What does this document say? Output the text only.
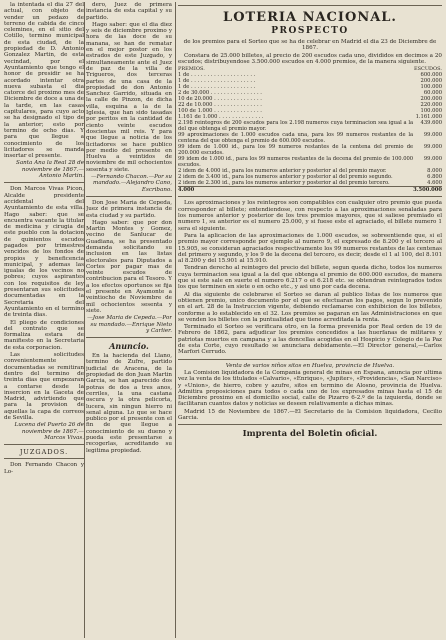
la intentada el dia 27 del actual, con objeto de vender un pedazo de terreno de cabida de cinco celemines, en el sitio del Cotillo, termino municipal de esta ciudad, de la propiedad de D. Antonio Gonzalez Martin, de esta vecindad, por el Ayuntamiento que tengo el honor de presidir se ha acordado intentar otra nueva subasta el dia catorce del proximo mes de Diciembre de doce a una de la tarde, en las casas capitulares, para cuyo acto se ha designado el tipo de la anterior; esto por termino de ocho dias. Y para que llegue a conocimiento de los licitadores se manda insertar el presente.

Santa Ana la Real 28 de noviembre de 1867.—Antonio Martin.

Don Marcos Vivas Picon, Alcalde presidente accidental del Ayuntamiento de esta villa. Hago saber: que se encuentra vacante la titular de medicina y cirugia de este pueblo con la dotacion de quinientos escudos pagados por trimestres vencidos de los fondos de propios y beneficencia municipal, y ademas las igualas de los vecinos no pobres; cuyos aspirantes con los requisitos de ley presentaran sus solicitudes documentadas en la Secretaria del Ayuntamiento en el termino de treinta dias.

El pliego de condiciones del contrato que se formaliza estara de manifiesto en la Secretaria de esta corporacion.

Las solicitudes convenientemente documentadas se remitiran dentro del termino de treinta dias que empezaran a contarse desde la insercion en la Gaceta de Madrid, advirtiendo que para la provision de aquellas la capa de correos de Sevilla.

Lucena del Puerto 26 de noviembre de 1867.—Marcos Vivas.

JUZGADOS.

Don Fernando Chacon y Lo-

dero, Juez de primera instancia de esta capital y su partido.

Hago saber: que el dia diez y seis de diciembre proximo y hora de las doce de su manana, se han de rematar en el mejor postor en los estrados de este Juzgado, y simultaneamente ante el Juez de paz de la villa de Trigueros, dos terceras partes de una casa de la propiedad de don Antonio Sanchez Garrido, situada en la calle de Pinzon, de dicha villa, esquina a la de la Iglesia, que han sido tasadas por peritos en la cantidad de ciento veinte escudos doscientas mil reis. Y para que llegue a noticia de los licitadores se hace publico por medio del presente en Huelva a veintidos de noviembre de mil ochocientos sesenta y siete.

—Fernando Chacon.—Por su mandado.—Alejandro Cano, Escribano.

Don Jose Maria de Cepeda, Juez de primera instancia de esta ciudad y su partido.

Hago saber: que por don Martin Montes y Gomez, vecino de Sanlucar de Guadiana, se ha presentado demanda solicitando su inclusion en las listas electorales para Diputados a Cortes por pagar mas de veinte escudos de contribucion para el Tesoro. Y a los efectos oportunos se fija el presente en Ayamonte a veintiocho de Noviembre de mil ochocientos sesenta y siete.

—Jose Maria de Cepeda.—Por su mandado.—Enrique Nieto y Carlier.

Anuncio.

En la hacienda del Llano, termino de Zufre, partido judicial de Aracena, de la propiedad de don Juan Martin Garcia, se han aparecido dos potras de dos a tres anos, cerriles, la una castana oscura y la otra pelicorta, lucera, sin ningun hierro ni senal alguna. Lo que se hace publico por el presente con el fin de que llegue a conocimiento de su dueno y pueda este presentarse a recogerlas, acreditando su legitima propiedad.

LOTERIA NACIONAL.
PROSPECTO

de los premios para el Sorteo que se ha de celebrar en Madrid el dia 23 de Diciembre de 1867.

Constara de 25.000 billetes, al precio de 200 escudos cada uno, divididos en decimos a 20 escudos; distribuyendose 3.500.000 escudos en 4.000 premios, de la manera siguiente.

PREMIOS.	ESCUDOS.
1 de . . . . . . . . . . . . . . . . . . . .	600.000
1 de . . . . . . . . . . . . . . . . . . . .	200.000
1 de . . . . . . . . . . . . . . . . . . . .	100.000
2 de 30.000 . . . . . . . . . . . . . . . .	60.000
10 de 20.000 . . . . . . . . . . . . . . .	200.000
22 de 10.000 . . . . . . . . . . . . . . .	220.000
100 de 1.000 . . . . . . . . . . . . . . .	100.000
1.161 de 1.000 . . . . . . . . . . . . . .	1.161.000
2.198 reintegros de 200 escudos para los 2.198 numeros cuya terminacion sea igual a la del que obtenga el premio mayor.	439.600
99 aproximaciones de 1.000 escudos cada una, para los 99 numeros restantes de la centena del que obtenga el premio de 600.000 escudos.	99.000
99 idem de 1.000 id., para los 99 numeros restantes de la centena del premio de 200.000 escudos.	99.000
99 idem de 1.000 id., para los 99 numeros restantes de la decena del premio de 100.000 escudos.	99.000
2 idem de 4.000 id., para los numeros anterior y posterior al del premio mayor.	8.000
2 idem de 3.400 id., para los numeros anterior y posterior al del premio segundo.	6.800
2 idem de 2.300 id., para los numeros anterior y posterior al del premio tercero.	4.600
4.000	3.500.000

Los aproximaciones y los reintegros son compatibles con cualquier otro premio que pueda corresponder al billete; entendiendose, con respecto a las aproximaciones senaladas para los numeros anterior y posterior de los tres premios mayores, que si saliese premiado el numero 1, su anterior es el numero 25.000, y si fuese este el agraciado, el billete numero 1 sera el siguiente.

Para la aplicacion de las aproximaciones de 1.000 escudos, se sobreentiende que, si el premio mayor corresponde por ejemplo al numero 9, el expresado de 8.200 y el tercero al 15.905, se consideran agraciados respectivamente los 99 numeros restantes de las centenas del primero y segundo, y los 9 de la decena del tercero, es decir, desde el 1 al 100, del 8.101 al 8.200 y del 15.901 al 15.910.

Tendran derecho al reintegro del precio del billete, segun queda dicho, todos los numeros cuya terminacion sea igual a la del que obtenga el premio de 600.000 escudos, de manera que si este sale en suerte el numero 6.217 o el 6.218 etc. se obtendran reintegrados todos los que terminen en siete o en ocho etc., y asi uno por cada decena.

Al dia siguiente de celebrarse el Sorteo se daran al publico listas de los numeros que obtienen premio, unico documento por el que se efectuaran los pagos, segun lo prevenido en el art. 28 de la Instruccion vigente, debiendo reclamarse con exhibicion de los billetes, conforme a lo establecido en el 32. Los premios se pagaran en las Administraciones en que se venden los billetes con la puntualidad que tiene acreditada la renta.

Terminado el Sorteo se verificara otro, en la forma prevenida por Real orden de 19 de Febrero de 1862, para adjudicar los premios concedidos a las huerfanas de militares y patriotas muertos en campana y a las doncellas acogidas en el Hospicio y Colegio de la Paz de esta Corte, cuyo resultado se anunciara debidamente.—El Director general,—Carlos Marfori Cerrudo.

Venta de varios niños sitos en Huelva, provincia de Huelva.

La Comision liquidadora de la Compania general de minas en Espana, anuncia por ultima vez la venta de los titulados «Calvario», «Enrique», «Jupiter», «Providencia», «San Narciso» y «Union», de hierro, cobre y azufre, sitos en termino de Alosno, provincia de Huelva. Admitira proposiciones para todos o cada uno de los expresados minas hasta el 15 de Diciembre proximo en el domicilio social, calle de Pizarro 6-2.º de la izquierda, donde se facilitaran cuantos datos y noticias se deseen relativamente a dichas minas.

Madrid 15 de Noviembre de 1867.—El Secretario de la Comision liquidadora, Cecilio Garcia.

Imprenta del Boletin oficial.
